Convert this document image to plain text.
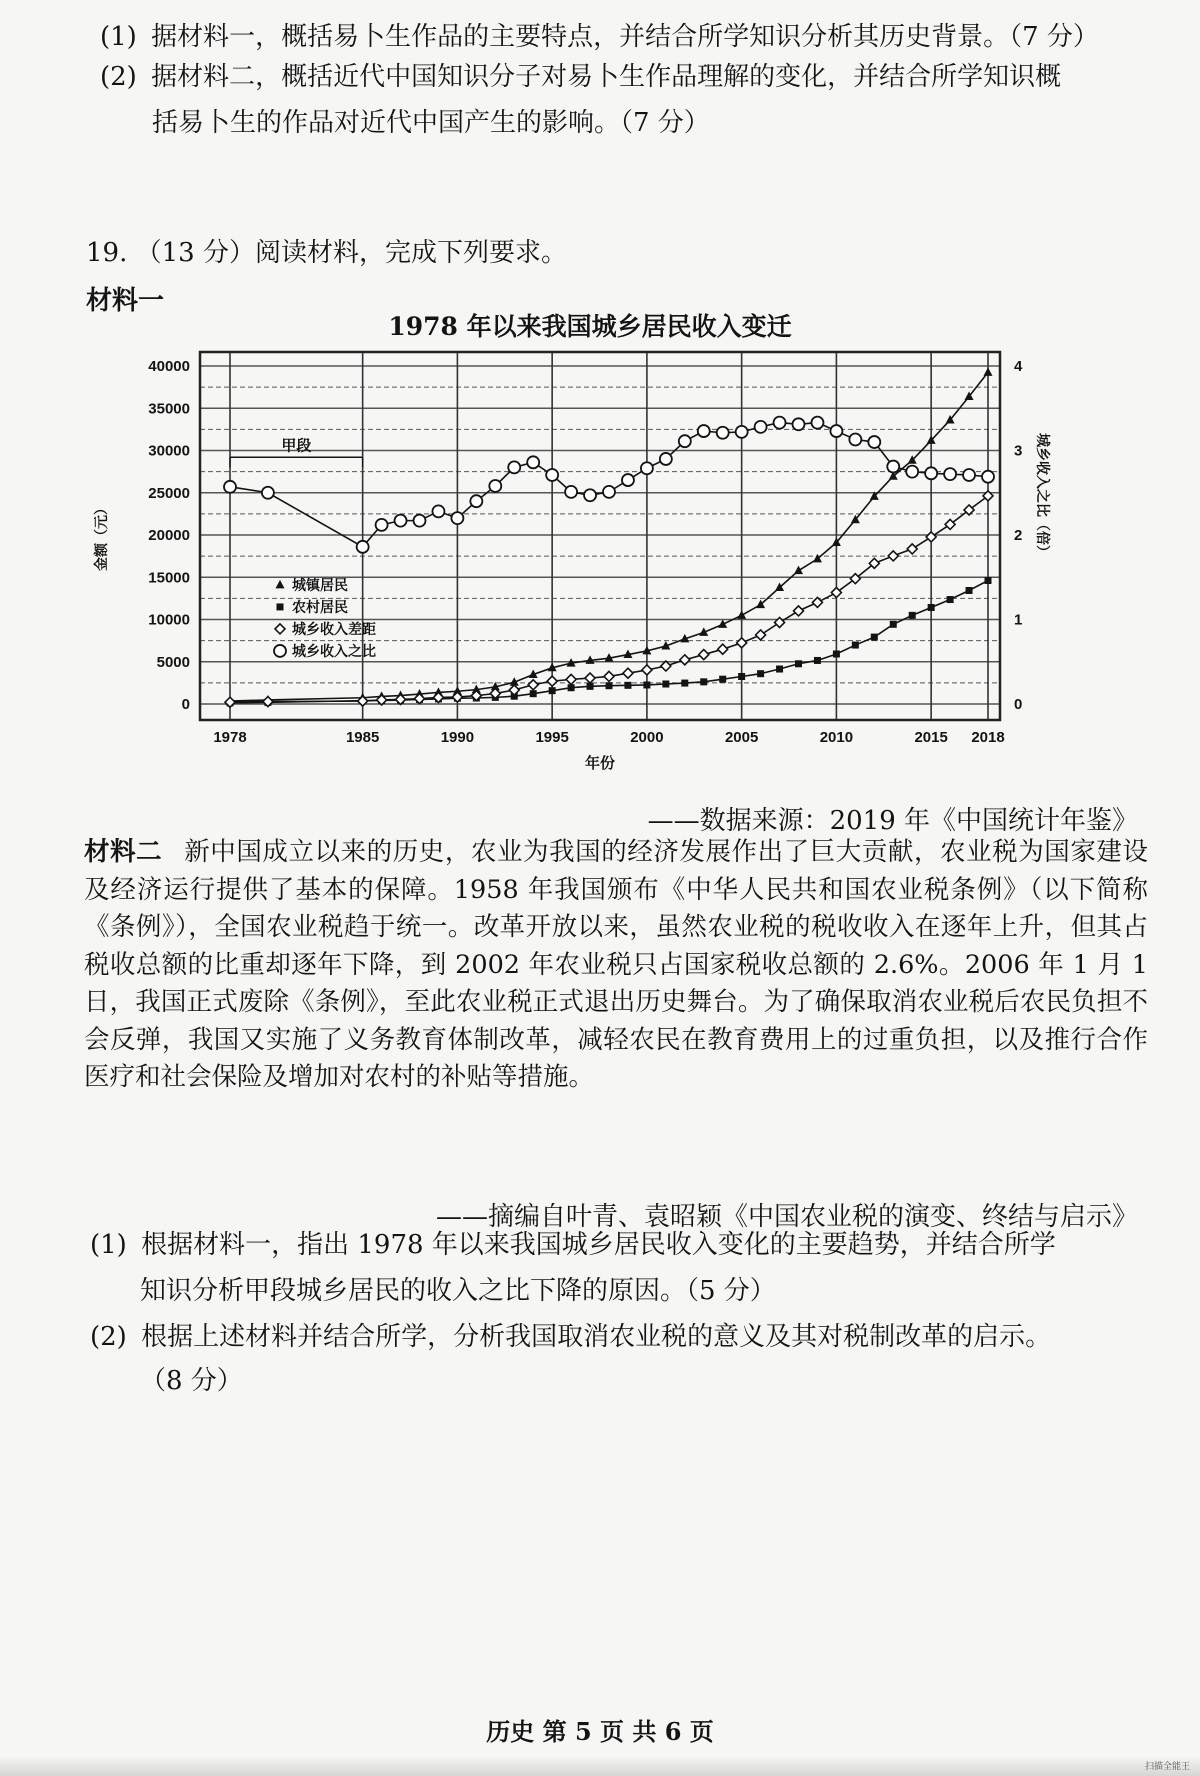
(1) 据材料一，概括易卜生作品的主要特点，并结合所学知识分析其历史背景。（7 分）
(2) 据材料二，概括近代中国知识分子对易卜生作品理解的变化，并结合所学知识概
括易卜生的作品对近代中国产生的影响。（7 分）
19. （13 分）阅读材料，完成下列要求。
材料一
1978 年以来我国城乡居民收入变迁
0
5000
10000
15000
20000
25000
30000
35000
40000
0
1
2
3
4
1978	1985	1990	1995	2000	2005	2010	2015 2018
年份
金额（元）	城乡收入之比（倍）
甲段
城镇居民
农村居民
城乡收入差距
城乡收入之比
——数据来源：2019 年《中国统计年鉴》
材料二 新中国成立以来的历史，农业为我国的经济发展作出了巨大贡献，农业税为国家建设及经济运行提供了基本的保障。1958 年我国颁布《中华人民共和国农业税条例》（以下简称《条例》），全国农业税趋于统一。改革开放以来，虽然农业税的税收收入在逐年上升，但其占税收总额的比重却逐年下降，到 2002 年农业税只占国家税收总额的 2.6%。2006 年 1 月 1 日，我国正式废除《条例》，至此农业税正式退出历史舞台。为了确保取消农业税后农民负担不会反弹，我国又实施了义务教育体制改革，减轻农民在教育费用上的过重负担，以及推行合作医疗和社会保险及增加对农村的补贴等措施。
——摘编自叶青、袁昭颖《中国农业税的演变、终结与启示》
(1) 根据材料一，指出 1978 年以来我国城乡居民收入变化的主要趋势，并结合所学
知识分析甲段城乡居民的收入之比下降的原因。（5 分）
(2) 根据上述材料并结合所学，分析我国取消农业税的意义及其对税制改革的启示。
（8 分）
历史 第 5 页 共 6 页
扫描全能王
